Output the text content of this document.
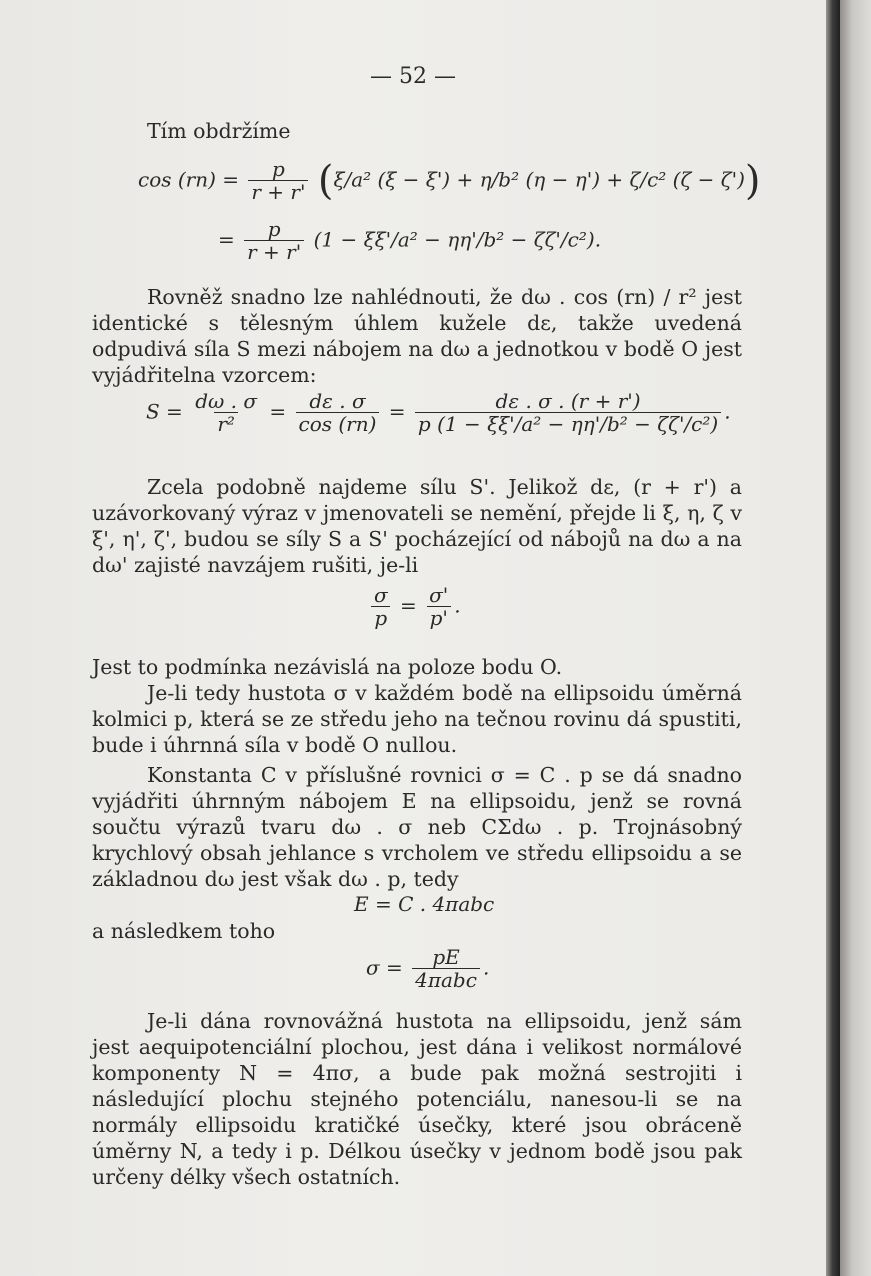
— 52 —
Tím obdržíme
$\cos (rn) = \frac{p}{r + r'} (\xi/a^2$ (ξ − ξ') + η/b² (η − η') + ζ/c² (ζ − ζ'))
= $\frac{p}{r + r'} (1 - \xi\xi'/a^2 - \eta\eta'/b^2 - \zeta\zeta'/c^2)$.
Rovněž snadno lze nahlédnouti, že dω . cos (rn) / r² jest identické s tělesným úhlem kužele dε, takže uvedená odpudivá síla S mezi nábojem na dω a jednotkou v bodě O jest vyjádřitelna vzorcem:
$S = \frac{d\omega . \sigma}{\text{r²}} = \frac{d\varepsilon . \sigma}{\cos (rn)} = \frac{d\varepsilon . \sigma . (r + r')}{\text{p (1 − ξξ'/a² − ηη'/b² − ζζ'/c²)}}$ .
Zcela podobně najdeme sílu S'. Jelikož dε, (r + r') a uzávorkovaný výraz v jmenovateli se nemění, přejde li ξ, η, ζ v ξ', η', ζ', budou se síly S a S' pocházející od nábojů na dω a na dω' zajisté navzájem rušiti, je-li
$\frac{\sigma}{p} = \frac{\sigma'}{p'}$ .
Jest to podmínka nezávislá na poloze bodu O.
Je-li tedy hustota σ v každém bodě na ellipsoidu úměrná kolmici p, která se ze středu jeho na tečnou rovinu dá spustiti, bude i úhrnná síla v bodě O nullou.
Konstanta C v příslušné rovnici σ = C . p se dá snadno vyjádřiti úhrnným nábojem E na ellipsoidu, jenž se rovná součtu výrazů tvaru dω . σ neb CΣdω . p. Trojnásobný krychlový obsah jehlance s vrcholem ve středu ellipsoidu a se základnou dω jest však dω . p, tedy
E = C . 4πabc
a následkem toho
$\sigma = \frac{pE}{\text{4πabc}}$ .
Je-li dána rovnovážná hustota na ellipsoidu, jenž sám jest aequipotenciální plochou, jest dána i velikost normálové komponenty N = 4πσ, a bude pak možná sestrojiti i následující plochu stejného potenciálu, nanesou-li se na normály ellipsoidu kratičké úsečky, které jsou obráceně úměrny N, a tedy i p. Délkou úsečky v jednom bodě jsou pak určeny délky všech ostatních.
